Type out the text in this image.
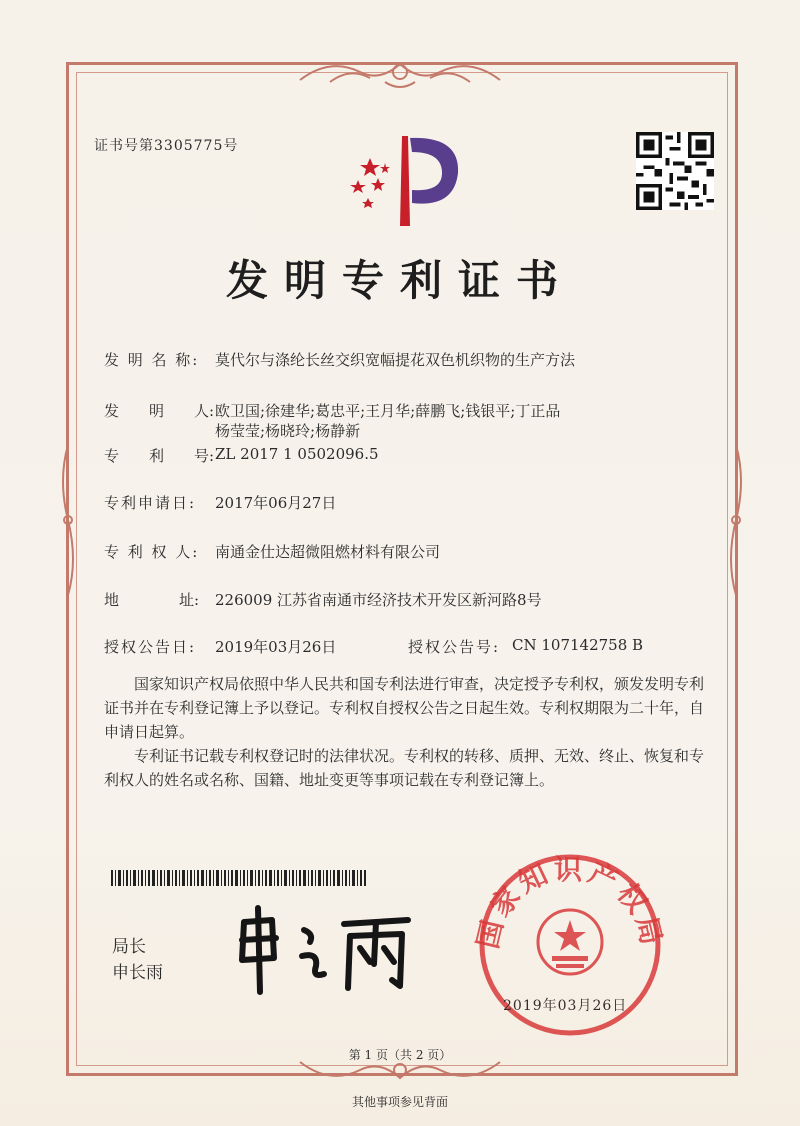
证书号第3305775号
发明专利证书
发 明 名 称: 莫代尔与涤纶长丝交织宽幅提花双色机织物的生产方法
发　　明　　人: 欧卫国;徐建华;葛忠平;王月华;薛鹏飞;钱银平;丁正品
杨莹莹;杨晓玲;杨静新
专　　利　　号: ZL 2017 1 0502096.5
专利申请日: 2017年06月27日
专 利 权 人: 南通金仕达超微阻燃材料有限公司
地　　　　址: 226009 江苏省南通市经济技术开发区新河路8号
授权公告日: 2019年03月26日	授权公告号: CN 107142758 B
国家知识产权局依照中华人民共和国专利法进行审查，决定授予专利权，颁发发明专利证书并在专利登记簿上予以登记。专利权自授权公告之日起生效。专利权期限为二十年，自申请日起算。
专利证书记载专利权登记时的法律状况。专利权的转移、质押、无效、终止、恢复和专利权人的姓名或名称、国籍、地址变更等事项记载在专利登记簿上。
局长
申长雨
国家知识产权局
2019年03月26日
第 1 页（共 2 页）
其他事项参见背面
